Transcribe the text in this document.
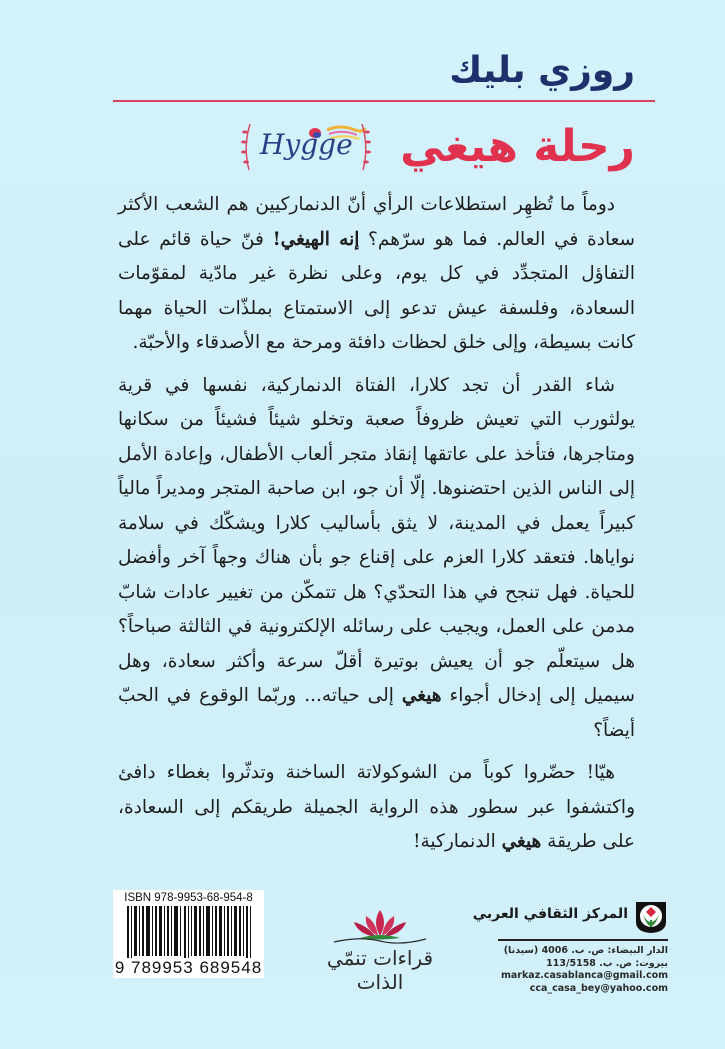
روزي بليك
رحلة هيغي
Hygge

دوماً ما تُظهِر استطلاعات الرأي أنّ الدنماركيين هم الشعب الأكثر سعادة في العالم. فما هو سرّهم؟ إنه الهيغي! فنّ حياة قائم على التفاؤل المتجدِّد في كل يوم، وعلى نظرة غير مادّية لمقوّمات السعادة، وفلسفة عيش تدعو إلى الاستمتاع بملذّات الحياة مهما كانت بسيطة، وإلى خلق لحظات دافئة ومرحة مع الأصدقاء والأحبّة.

شاء القدر أن تجد كلارا، الفتاة الدنماركية، نفسها في قرية يولثورب التي تعيش ظروفاً صعبة وتخلو شيئاً فشيئاً من سكانها ومتاجرها، فتأخذ على عاتقها إنقاذ متجر ألعاب الأطفال، وإعادة الأمل إلى الناس الذين احتضنوها. إلّا أن جو، ابن صاحبة المتجر ومديراً مالياً كبيراً يعمل في المدينة، لا يثق بأساليب كلارا ويشكّك في سلامة نواياها. فتعقد كلارا العزم على إقناع جو بأن هناك وجهاً آخر وأفضل للحياة. فهل تنجح في هذا التحدّي؟ هل تتمكّن من تغيير عادات شابّ مدمن على العمل، ويجيب على رسائله الإلكترونية في الثالثة صباحاً؟ هل سيتعلّم جو أن يعيش بوتيرة أقلّ سرعة وأكثر سعادة، وهل سيميل إلى إدخال أجواء هيغي إلى حياته... وربّما الوقوع في الحبّ أيضاً؟

هيّا! حضّروا كوباً من الشوكولاتة الساخنة وتدثّروا بغطاء دافئ واكتشفوا عبر سطور هذه الرواية الجميلة طريقكم إلى السعادة، على طريقة هيغي الدنماركية!

ISBN 978-9953-68-954-8
9 789953 689548	قراءات تنمّي الذات
المركز الثقافي العربي
الدار البيضاء: ص. ب. 4006 (سيدنا)
بيروت: ص. ب. 113/5158
markaz.casablanca@gmail.com
cca_casa_bey@yahoo.com
